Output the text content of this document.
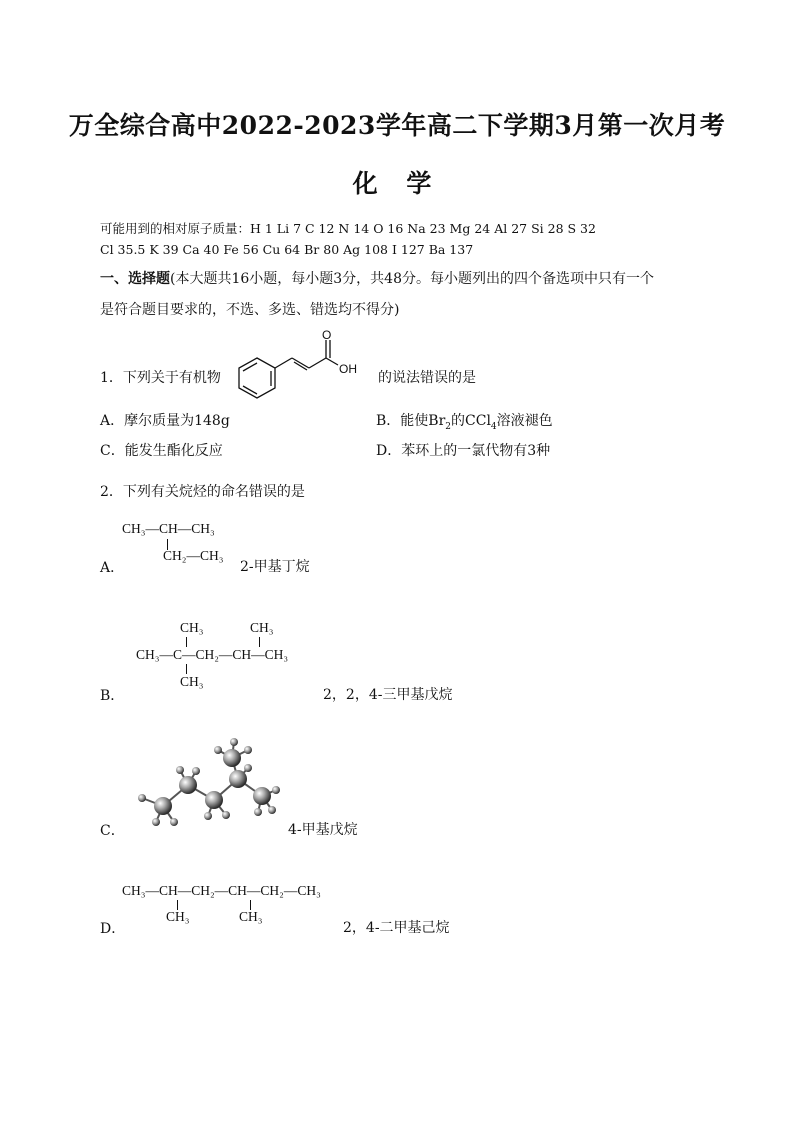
万全综合高中2022-2023学年高二下学期3月第一次月考
化 学
可能用到的相对原子质量：H 1 Li 7 C 12 N 14 O 16 Na 23 Mg 24 Al 27 Si 28 S 32
Cl 35.5 K 39 Ca 40 Fe 56 Cu 64 Br 80 Ag 108 I 127 Ba 137
一、选择题(本大题共16小题，每小题3分，共48分。每小题列出的四个备选项中只有一个
是符合题目要求的，不选、多选、错选均不得分)
1．下列关于有机物
O
OH
的说法错误的是
A．摩尔质量为148g	B．能使$Br_2$的CCl$_4$溶液褪色
C．能发生酯化反应	D．苯环上的一氯代物有3种
2．下列有关烷烃的命名错误的是
CH₃—CH—CH₃
CH₂—CH₃
A．	2-甲基丁烷
CH₃	CH₃
CH₃—C—CH₂—CH—CH₃
CH₃
B．	2，2，4-三甲基戊烷
C．	4-甲基戊烷
CH₃—CH—CH₂—CH—CH₂—CH₃
CH₃	CH₃
D．	2，4-二甲基己烷
